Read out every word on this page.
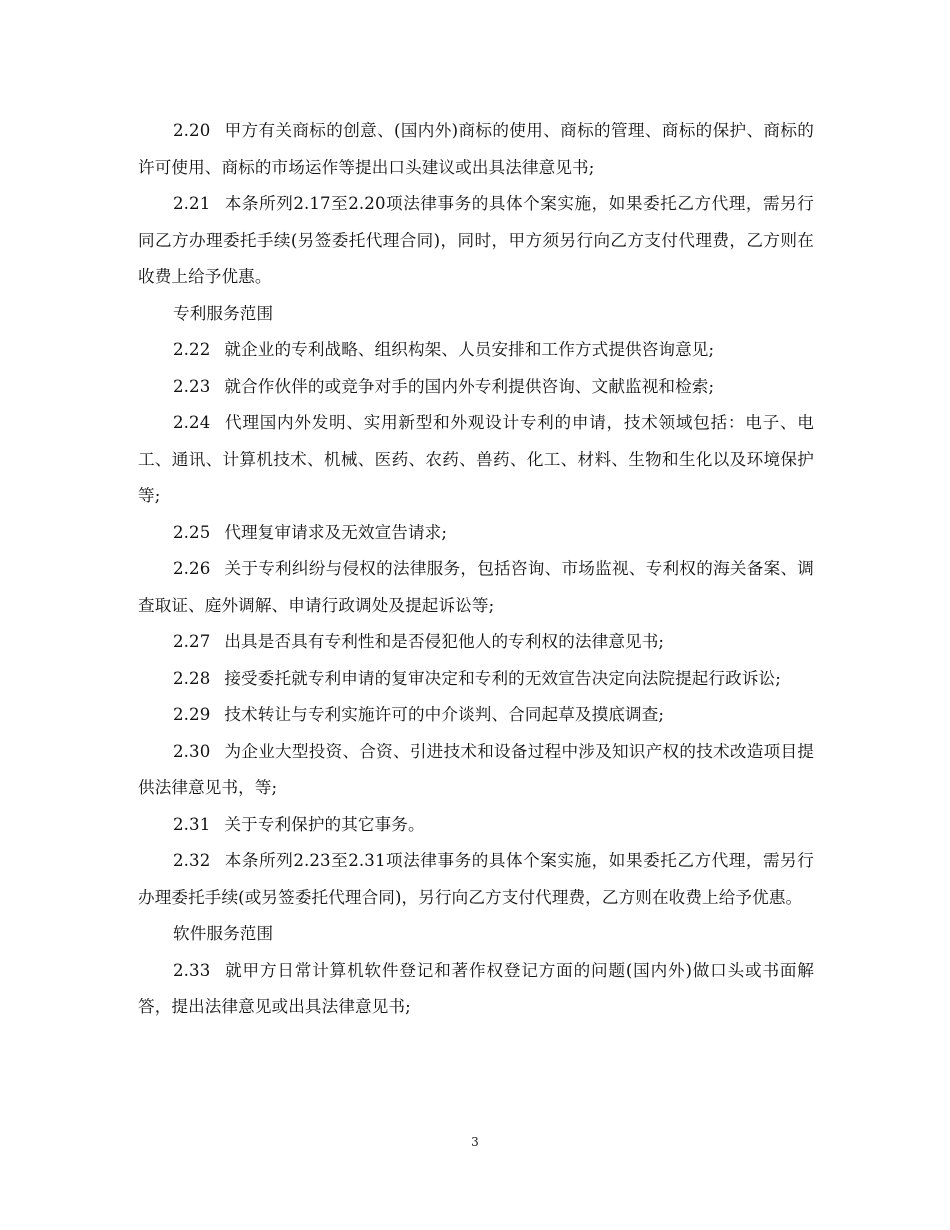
2.20 甲方有关商标的创意、(国内外)商标的使用、商标的管理、商标的保护、商标的许可使用、商标的市场运作等提出口头建议或出具法律意见书;

2.21 本条所列2.17至2.20项法律事务的具体个案实施，如果委托乙方代理，需另行同乙方办理委托手续(另签委托代理合同)，同时，甲方须另行向乙方支付代理费，乙方则在收费上给予优惠。

专利服务范围

2.22 就企业的专利战略、组织构架、人员安排和工作方式提供咨询意见;

2.23 就合作伙伴的或竞争对手的国内外专利提供咨询、文献监视和检索;

2.24 代理国内外发明、实用新型和外观设计专利的申请，技术领域包括：电子、电工、通讯、计算机技术、机械、医药、农药、兽药、化工、材料、生物和生化以及环境保护等;

2.25 代理复审请求及无效宣告请求;

2.26 关于专利纠纷与侵权的法律服务，包括咨询、市场监视、专利权的海关备案、调查取证、庭外调解、申请行政调处及提起诉讼等;

2.27 出具是否具有专利性和是否侵犯他人的专利权的法律意见书;

2.28 接受委托就专利申请的复审决定和专利的无效宣告决定向法院提起行政诉讼;

2.29 技术转让与专利实施许可的中介谈判、合同起草及摸底调查;

2.30 为企业大型投资、合资、引进技术和设备过程中涉及知识产权的技术改造项目提供法律意见书，等;

2.31 关于专利保护的其它事务。

2.32 本条所列2.23至2.31项法律事务的具体个案实施，如果委托乙方代理，需另行办理委托手续(或另签委托代理合同)，另行向乙方支付代理费，乙方则在收费上给予优惠。

软件服务范围

2.33 就甲方日常计算机软件登记和著作权登记方面的问题(国内外)做口头或书面解答，提出法律意见或出具法律意见书;

3
